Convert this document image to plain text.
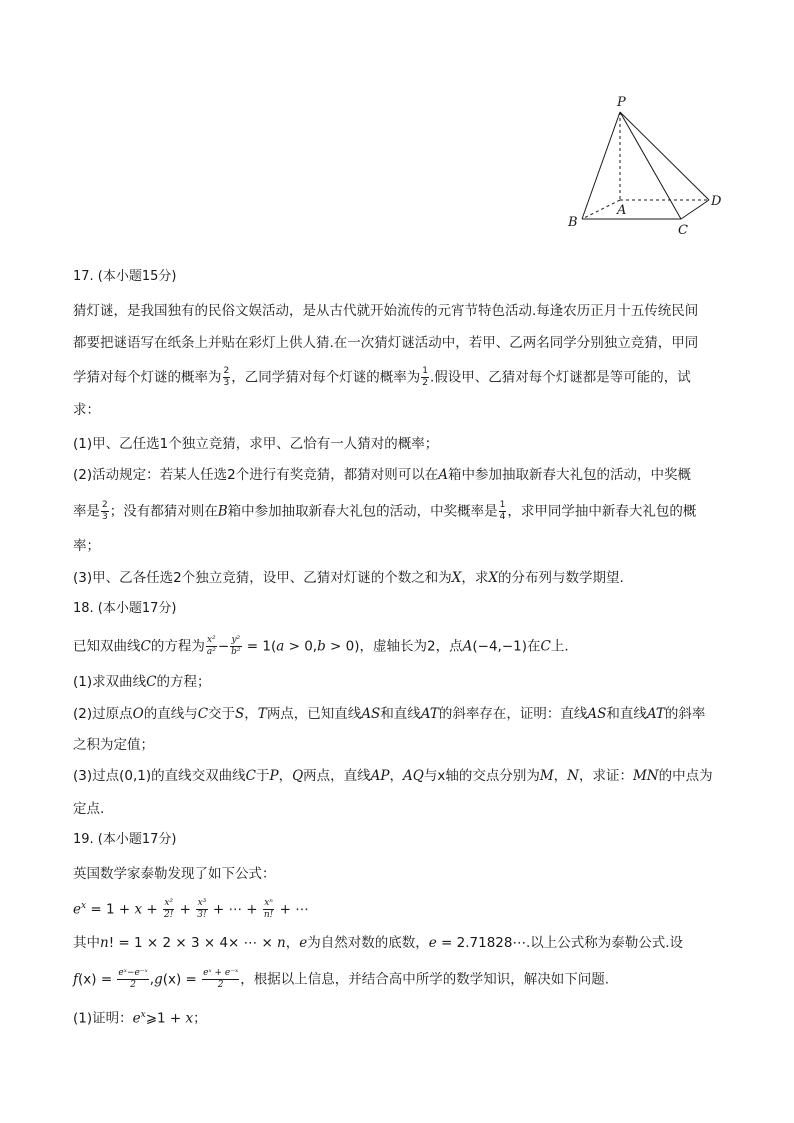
P
A
B
C
D
17. (本小题15分)
猜灯谜，是我国独有的民俗文娱活动，是从古代就开始流传的元宵节特色活动.每逢农历正月十五传统民间
都要把谜语写在纸条上并贴在彩灯上供人猜.在一次猜灯谜活动中，若甲、乙两名同学分别独立竞猜，甲同
学猜对每个灯谜的概率为 $\frac{2}{3}$ ，乙同学猜对每个灯谜的概率为 $\frac{1}{2}$ .假设甲、乙猜对每个灯谜都是等可能的，试
求：
(1)甲、乙任选1个独立竞猜，求甲、乙恰有一人猜对的概率；
(2)活动规定：若某人任选2个进行有奖竞猜，都猜对则可以在A箱中参加抽取新春大礼包的活动，中奖概
率是 $\frac{2}{3}$ ；没有都猜对则在B箱中参加抽取新春大礼包的活动，中奖概率是 $\frac{1}{4}$ ，求甲同学抽中新春大礼包的概
率；
(3)甲、乙各任选2个独立竞猜，设甲、乙猜对灯谜的个数之和为X，求X的分布列与数学期望.
18. (本小题17分)
已知双曲线C的方程为 $\frac{\text{x²}}{\text{a²}} - \frac{\text{y²}}{\text{b²}} = 1(a > 0,b > 0)$，虚轴长为2，点A(−4,−1)在C上.
(1)求双曲线C的方程；
(2)过原点O的直线与C交于S，T两点，已知直线AS和直线AT的斜率存在，证明：直线AS和直线AT的斜率
之积为定值；
(3)过点(0,1)的直线交双曲线C于P，Q两点，直线AP，AQ与x轴的交点分别为M，N，求证：MN的中点为
定点.
19. (本小题17分)
英国数学家泰勒发现了如下公式：
$e^x = 1 + x + \frac{\text{x²}}{2!} + \frac{\text{x³}}{3!}$ + ⋯ + $\frac{\text{xⁿ}}{n!}$ + ⋯
其中n! = 1 × 2 × 3 × 4× ⋯ × n，e为自然对数的底数，e = 2.71828⋯.以上公式称为泰勒公式.设
$f(x) = \frac{\text{eˣ−e⁻ˣ}}{2} ,g(x) = \frac{\text{eˣ + e⁻ˣ}}{2}$ ，根据以上信息，并结合高中所学的数学知识，解决如下问题.
(1)证明：$e^x⩾1 + x$；
